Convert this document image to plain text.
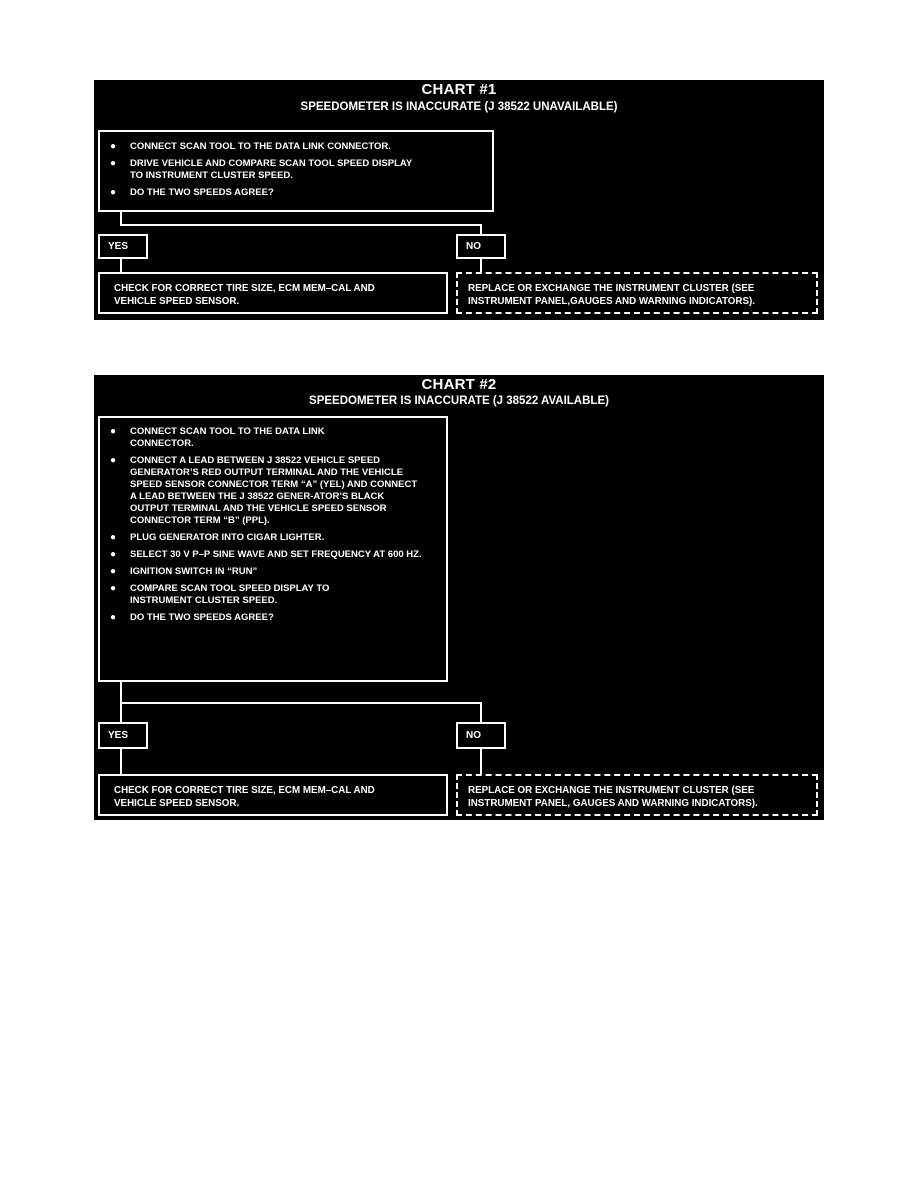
CHART #1
SPEEDOMETER IS INACCURATE (J 38522 UNAVAILABLE)
● CONNECT SCAN TOOL TO THE DATA LINK CONNECTOR.
● DRIVE VEHICLE AND COMPARE SCAN TOOL SPEED DISPLAY TO INSTRUMENT CLUSTER SPEED.
● DO THE TWO SPEEDS AGREE?
YES	NO
CHECK FOR CORRECT TIRE SIZE, ECM MEM–CAL AND VEHICLE SPEED SENSOR.
REPLACE OR EXCHANGE THE INSTRUMENT CLUSTER (SEE INSTRUMENT PANEL,GAUGES AND WARNING INDICATORS).
CHART #2
SPEEDOMETER IS INACCURATE (J 38522 AVAILABLE)
● CONNECT SCAN TOOL TO THE DATA LINK CONNECTOR.
● CONNECT A LEAD BETWEEN J 38522 VEHICLE SPEED GENERATOR’S RED OUTPUT TERMINAL AND THE VEHICLE SPEED SENSOR CONNECTOR TERM “A” (YEL) AND CONNECT A LEAD BETWEEN THE J 38522 GENER-ATOR’S BLACK OUTPUT TERMINAL AND THE VEHICLE SPEED SENSOR CONNECTOR TERM “B” (PPL).
● PLUG GENERATOR INTO CIGAR LIGHTER.
● SELECT 30 V P–P SINE WAVE AND SET FREQUENCY AT 600 HZ.
● IGNITION SWITCH IN “RUN”
● COMPARE SCAN TOOL SPEED DISPLAY TO INSTRUMENT CLUSTER SPEED.
● DO THE TWO SPEEDS AGREE?
YES	NO
CHECK FOR CORRECT TIRE SIZE, ECM MEM–CAL AND VEHICLE SPEED SENSOR.
REPLACE OR EXCHANGE THE INSTRUMENT CLUSTER (SEE INSTRUMENT PANEL, GAUGES AND WARNING INDICATORS).
